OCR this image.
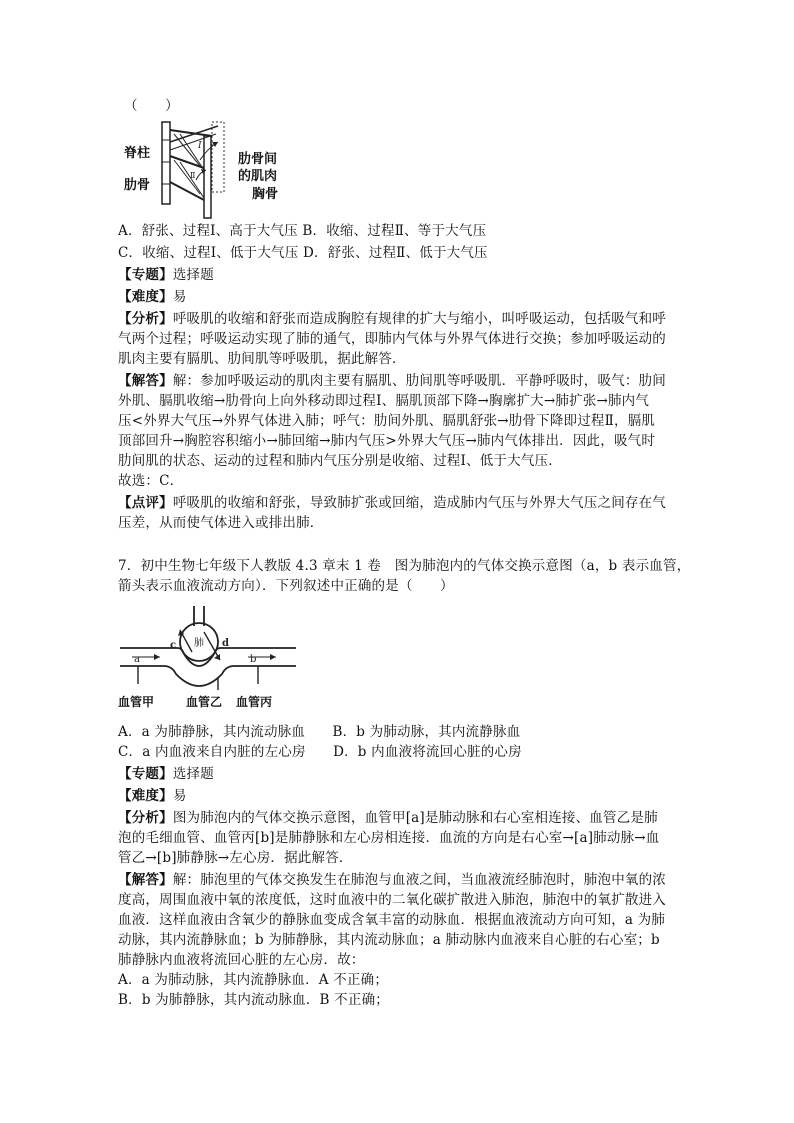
（　　）
I
Ⅱ
脊柱
肋骨
肋骨间
的肌肉
胸骨
A．舒张、过程Ⅰ、高于大气压 B．收缩、过程Ⅱ、等于大气压
C．收缩、过程Ⅰ、低于大气压 D．舒张、过程Ⅱ、低于大气压
【专题】选择题
【难度】易
【分析】呼吸肌的收缩和舒张而造成胸腔有规律的扩大与缩小，叫呼吸运动，包括吸气和呼
气两个过程；呼吸运动实现了肺的通气，即肺内气体与外界气体进行交换；参加呼吸运动的
肌肉主要有膈肌、肋间肌等呼吸肌，据此解答．
【解答】解：参加呼吸运动的肌肉主要有膈肌、肋间肌等呼吸肌．平静呼吸时，吸气：肋间
外肌、膈肌收缩→肋骨向上向外移动即过程Ⅰ、膈肌顶部下降→胸廓扩大→肺扩张→肺内气
压<外界大气压→外界气体进入肺；呼气：肋间外肌、膈肌舒张→肋骨下降即过程Ⅱ，膈肌
顶部回升→胸腔容积缩小→肺回缩→肺内气压>外界大气压→肺内气体排出．因此，吸气时
肋间肌的状态、运动的过程和肺内气压分别是收缩、过程Ⅰ、低于大气压．
故选：C．
【点评】呼吸肌的收缩和舒张，导致肺扩张或回缩，造成肺内气压与外界大气压之间存在气
压差，从而使气体进入或排出肺．
7．初中生物七年级下人教版 4.3 章末 1 卷　图为肺泡内的气体交换示意图（a，b 表示血管，
箭头表示血液流动方向）．下列叙述中正确的是（　　）
肺
a	b
c	d
血管甲	血管乙 血管丙
A．a 为肺静脉，其内流动脉血　　B．b 为肺动脉，其内流静脉血
C．a 内血液来自内脏的左心房　　D．b 内血液将流回心脏的心房
【专题】选择题
【难度】易
【分析】图为肺泡内的气体交换示意图，血管甲[a]是肺动脉和右心室相连接、血管乙是肺
泡的毛细血管、血管丙[b]是肺静脉和左心房相连接．血流的方向是右心室→[a]肺动脉→血
管乙→[b]肺静脉→左心房．据此解答．
【解答】解：肺泡里的气体交换发生在肺泡与血液之间，当血液流经肺泡时，肺泡中氧的浓
度高，周围血液中氧的浓度低，这时血液中的二氧化碳扩散进入肺泡，肺泡中的氧扩散进入
血液．这样血液由含氧少的静脉血变成含氧丰富的动脉血．根据血液流动方向可知，a 为肺
动脉，其内流静脉血；b 为肺静脉，其内流动脉血；a 肺动脉内血液来自心脏的右心室；b
肺静脉内血液将流回心脏的左心房．故：
A．a 为肺动脉，其内流静脉血．A 不正确；
B．b 为肺静脉，其内流动脉血．B 不正确；
